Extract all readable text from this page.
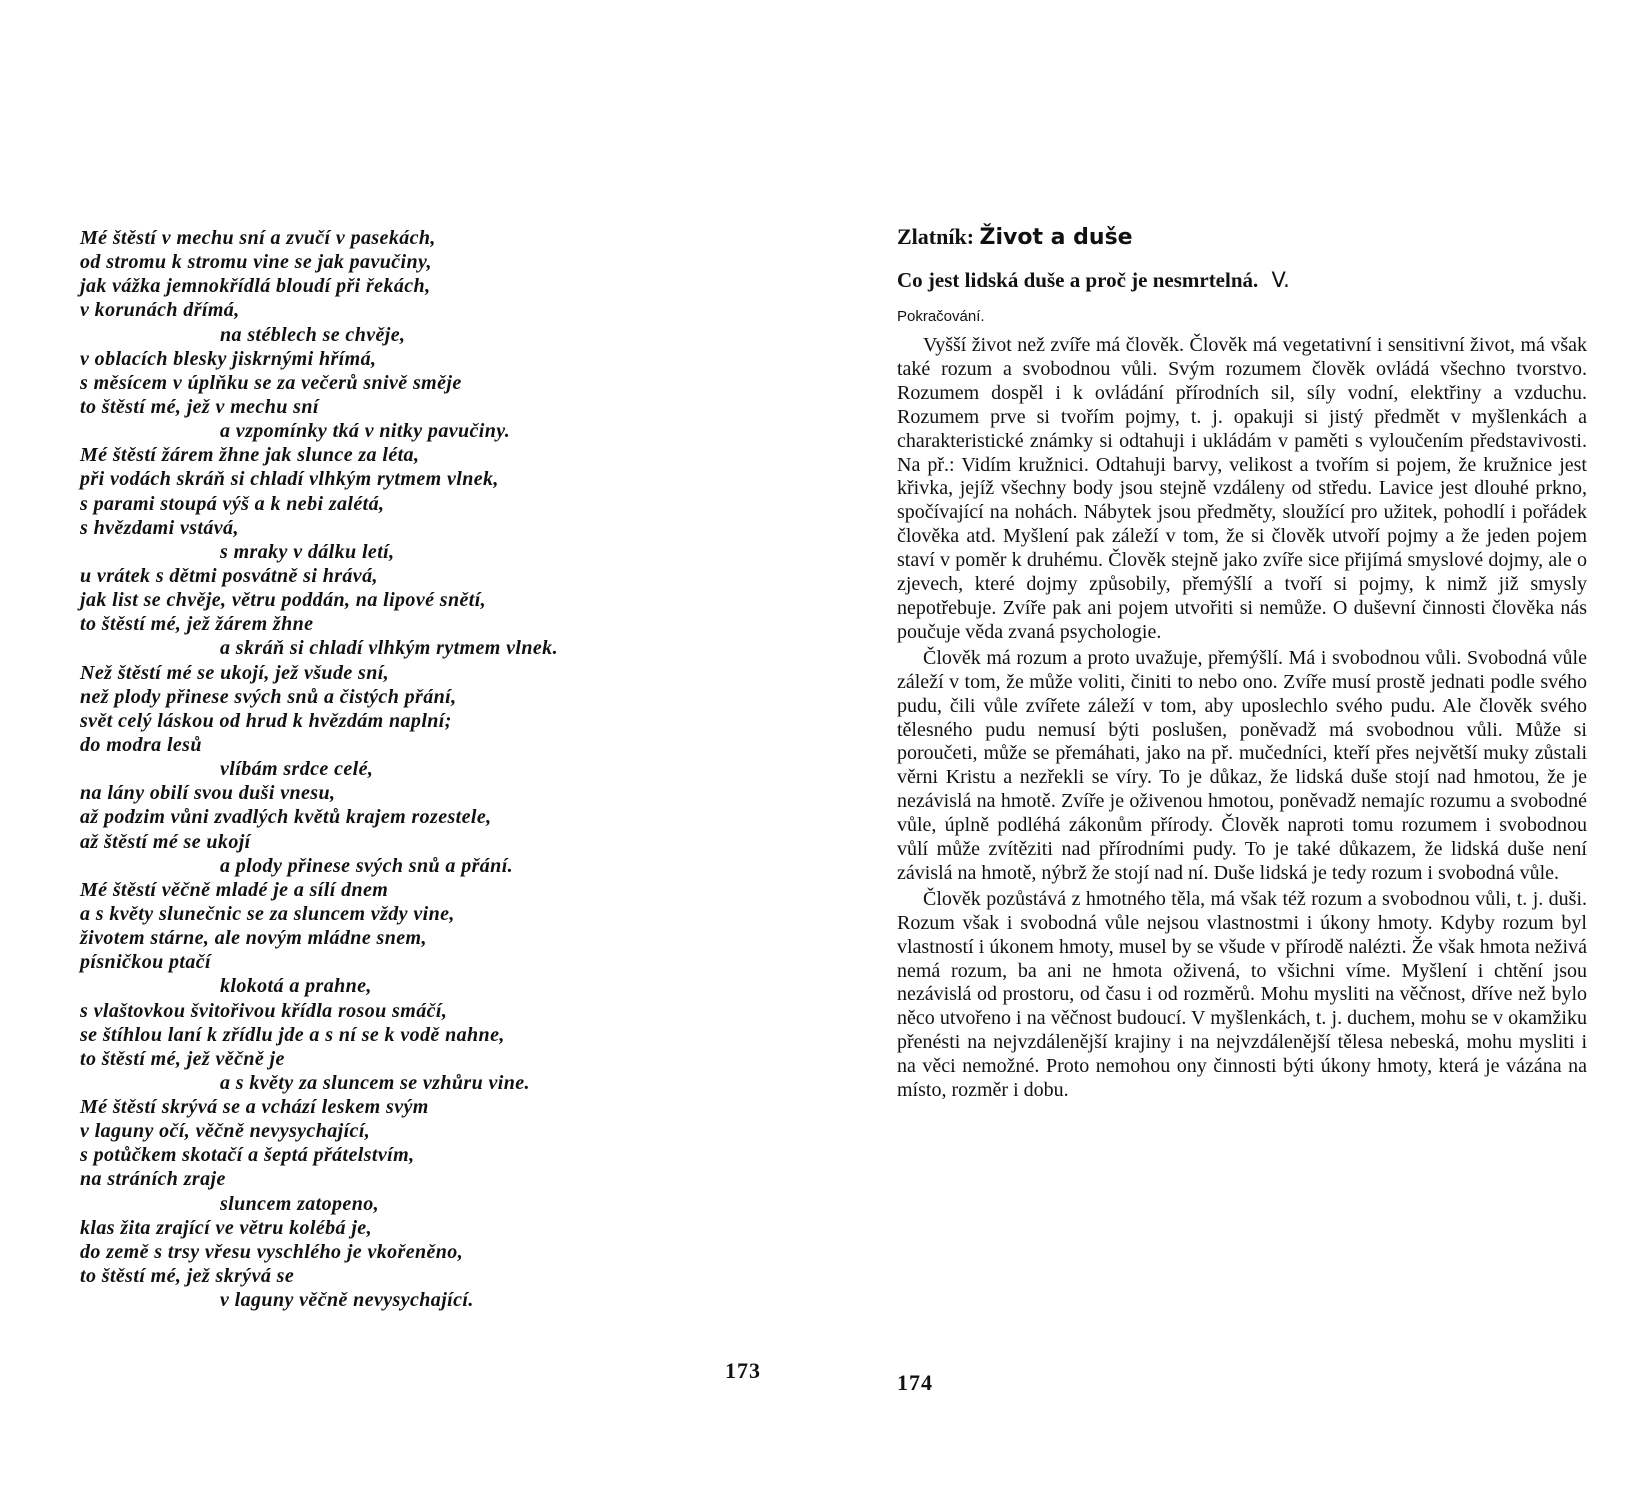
Mé štěstí v mechu sní a zvučí v pasekách,
od stromu k stromu vine se jak pavučiny,
jak vážka jemnokřídlá bloudí při řekách,
v korunách dřímá,
na stéblech se chvěje,
v oblacích blesky jiskrnými hřímá,
s měsícem v úplňku se za večerů snivě směje
to štěstí mé, jež v mechu sní
a vzpomínky tká v nitky pavučiny.
Mé štěstí žárem žhne jak slunce za léta,
při vodách skráň si chladí vlhkým rytmem vlnek,
s parami stoupá výš a k nebi zalétá,
s hvězdami vstává,
s mraky v dálku letí,
u vrátek s dětmi posvátně si hrává,
jak list se chvěje, větru poddán, na lipové snětí,
to štěstí mé, jež žárem žhne
a skráň si chladí vlhkým rytmem vlnek.
Než štěstí mé se ukojí, jež všude sní,
než plody přinese svých snů a čistých přání,
svět celý láskou od hrud k hvězdám naplní;
do modra lesů
vlíbám srdce celé,
na lány obilí svou duši vnesu,
až podzim vůni zvadlých květů krajem rozestele,
až štěstí mé se ukojí
a plody přinese svých snů a přání.
Mé štěstí věčně mladé je a sílí dnem
a s květy slunečnic se za sluncem vždy vine,
životem stárne, ale novým mládne snem,
písničkou ptačí
klokotá a prahne,
s vlaštovkou švitořivou křídla rosou smáčí,
se štíhlou laní k zřídlu jde a s ní se k vodě nahne,
to štěstí mé, jež věčně je
a s květy za sluncem se vzhůru vine.
Mé štěstí skrývá se a vchází leskem svým
v laguny očí, věčně nevysychající,
s potůčkem skotačí a šeptá přátelstvím,
na stráních zraje
sluncem zatopeno,
klas žita zrající ve větru kolébá je,
do země s trsy vřesu vyschlého je vkořeněno,
to štěstí mé, jež skrývá se
v laguny věčně nevysychající.
173
Zlatník: Život a duše
Co jest lidská duše a proč je nesmrtelná. V.
Pokračování.

Vyšší život než zvíře má člověk. Člověk má vegetativní i sensitivní život, má však také rozum a svobodnou vůli. Svým rozumem člověk ovládá všechno tvorstvo. Rozumem dospěl i k ovládání přírodních sil, síly vodní, elektřiny a vzduchu. Rozumem prve si tvořím pojmy, t. j. opakuji si jistý předmět v myšlenkách a charakteristické známky si odtahuji i ukládám v paměti s vyloučením představivosti. Na př.: Vidím kružnici. Odtahuji barvy, velikost a tvořím si pojem, že kružnice jest křivka, jejíž všechny body jsou stejně vzdáleny od středu. Lavice jest dlouhé prkno, spočívající na nohách. Nábytek jsou předměty, sloužící pro užitek, pohodlí i pořádek člověka atd. Myšlení pak záleží v tom, že si člověk utvoří pojmy a že jeden pojem staví v poměr k druhému. Člověk stejně jako zvíře sice přijímá smyslové dojmy, ale o zjevech, které dojmy způsobily, přemýšlí a tvoří si pojmy, k nimž již smysly nepotřebuje. Zvíře pak ani pojem utvořiti si nemůže. O duševní činnosti člověka nás poučuje věda zvaná psychologie.

Člověk má rozum a proto uvažuje, přemýšlí. Má i svobodnou vůli. Svobodná vůle záleží v tom, že může voliti, činiti to nebo ono. Zvíře musí prostě jednati podle svého pudu, čili vůle zvířete záleží v tom, aby uposlechlo svého pudu. Ale člověk svého tělesného pudu nemusí býti poslušen, poněvadž má svobodnou vůli. Může si poroučeti, může se přemáhati, jako na př. mučedníci, kteří přes největší muky zůstali věrni Kristu a nezřekli se víry. To je důkaz, že lidská duše stojí nad hmotou, že je nezávislá na hmotě. Zvíře je oživenou hmotou, poněvadž nemajíc rozumu a svobodné vůle, úplně podléhá zákonům přírody. Člověk naproti tomu rozumem i svobodnou vůlí může zvítěziti nad přírodními pudy. To je také důkazem, že lidská duše není závislá na hmotě, nýbrž že stojí nad ní. Duše lidská je tedy rozum i svobodná vůle.

Člověk pozůstává z hmotného těla, má však též rozum a svobodnou vůli, t. j. duši. Rozum však i svobodná vůle nejsou vlastnostmi i úkony hmoty. Kdyby rozum byl vlastností i úkonem hmoty, musel by se všude v přírodě nalézti. Že však hmota neživá nemá rozum, ba ani ne hmota oživená, to všichni víme. Myšlení i chtění jsou nezávislá od prostoru, od času i od rozměrů. Mohu mysliti na věčnost, dříve než bylo něco utvořeno i na věčnost budoucí. V myšlenkách, t. j. duchem, mohu se v okamžiku přenésti na nejvzdálenější krajiny i na nejvzdálenější tělesa nebeská, mohu mysliti i na věci nemožné. Proto nemohou ony činnosti býti úkony hmoty, která je vázána na místo, rozměr i dobu.

174
